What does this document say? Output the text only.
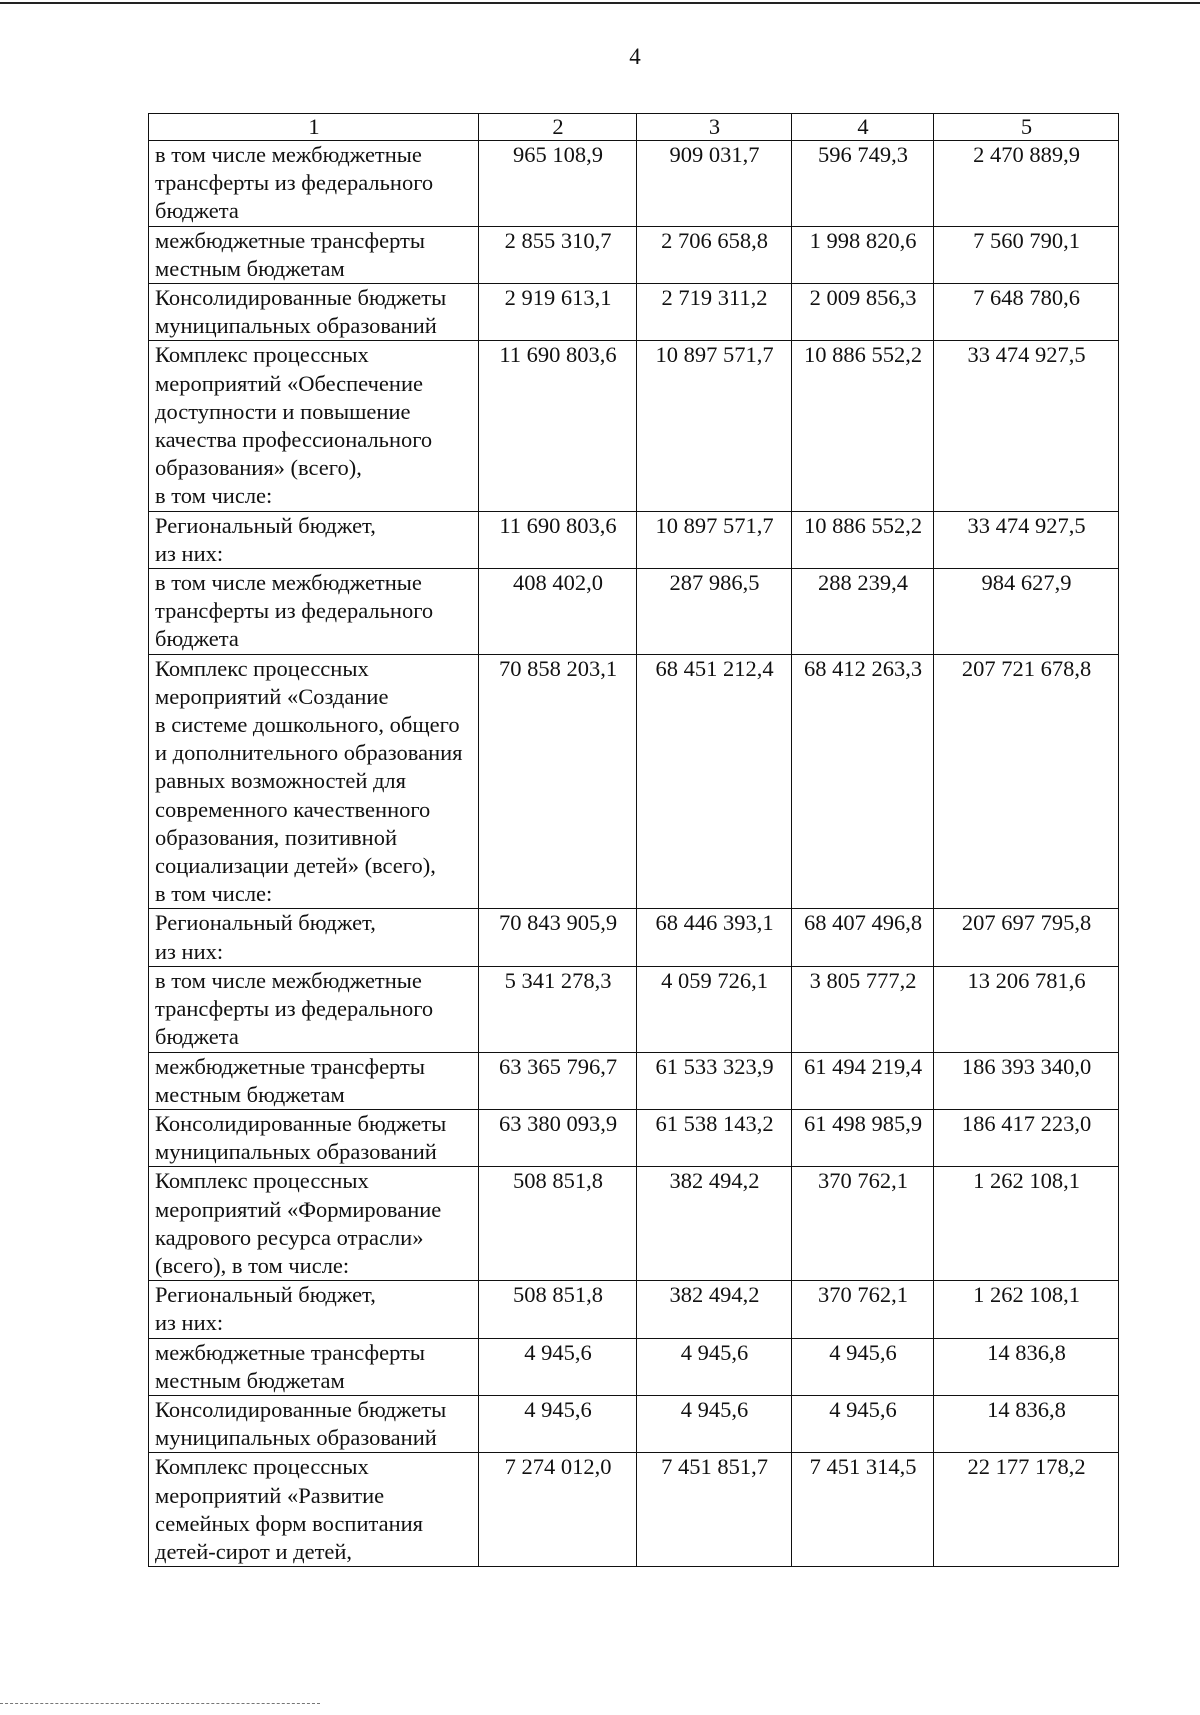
4
1	2	3	4	5
в том числе межбюджетные трансферты из федерального бюджета	965 108,9	909 031,7	596 749,3	2 470 889,9
межбюджетные трансферты местным бюджетам	2 855 310,7	2 706 658,8	1 998 820,6	7 560 790,1
Консолидированные бюджеты муниципальных образований	2 919 613,1	2 719 311,2	2 009 856,3	7 648 780,6
Комплекс процессных мероприятий «Обеспечение доступности и повышение качества профессионального образования» (всего),
в том числе:	11 690 803,6	10 897 571,7	10 886 552,2	33 474 927,5
Региональный бюджет,
из них:	11 690 803,6	10 897 571,7	10 886 552,2	33 474 927,5
в том числе межбюджетные трансферты из федерального бюджета	408 402,0	287 986,5	288 239,4	984 627,9
Комплекс процессных мероприятий «Создание
в системе дошкольного, общего и дополнительного образования равных возможностей для современного качественного образования, позитивной социализации детей» (всего),
в том числе:	70 858 203,1	68 451 212,4	68 412 263,3	207 721 678,8
Региональный бюджет,
из них:	70 843 905,9	68 446 393,1	68 407 496,8	207 697 795,8
в том числе межбюджетные трансферты из федерального бюджета	5 341 278,3	4 059 726,1	3 805 777,2	13 206 781,6
межбюджетные трансферты местным бюджетам	63 365 796,7	61 533 323,9	61 494 219,4	186 393 340,0
Консолидированные бюджеты муниципальных образований	63 380 093,9	61 538 143,2	61 498 985,9	186 417 223,0
Комплекс процессных мероприятий «Формирование кадрового ресурса отрасли» (всего), в том числе:	508 851,8	382 494,2	370 762,1	1 262 108,1
Региональный бюджет,
из них:	508 851,8	382 494,2	370 762,1	1 262 108,1
межбюджетные трансферты местным бюджетам	4 945,6	4 945,6	4 945,6	14 836,8
Консолидированные бюджеты муниципальных образований	4 945,6	4 945,6	4 945,6	14 836,8
Комплекс процессных мероприятий «Развитие семейных форм воспитания детей-сирот и детей,	7 274 012,0	7 451 851,7	7 451 314,5	22 177 178,2
